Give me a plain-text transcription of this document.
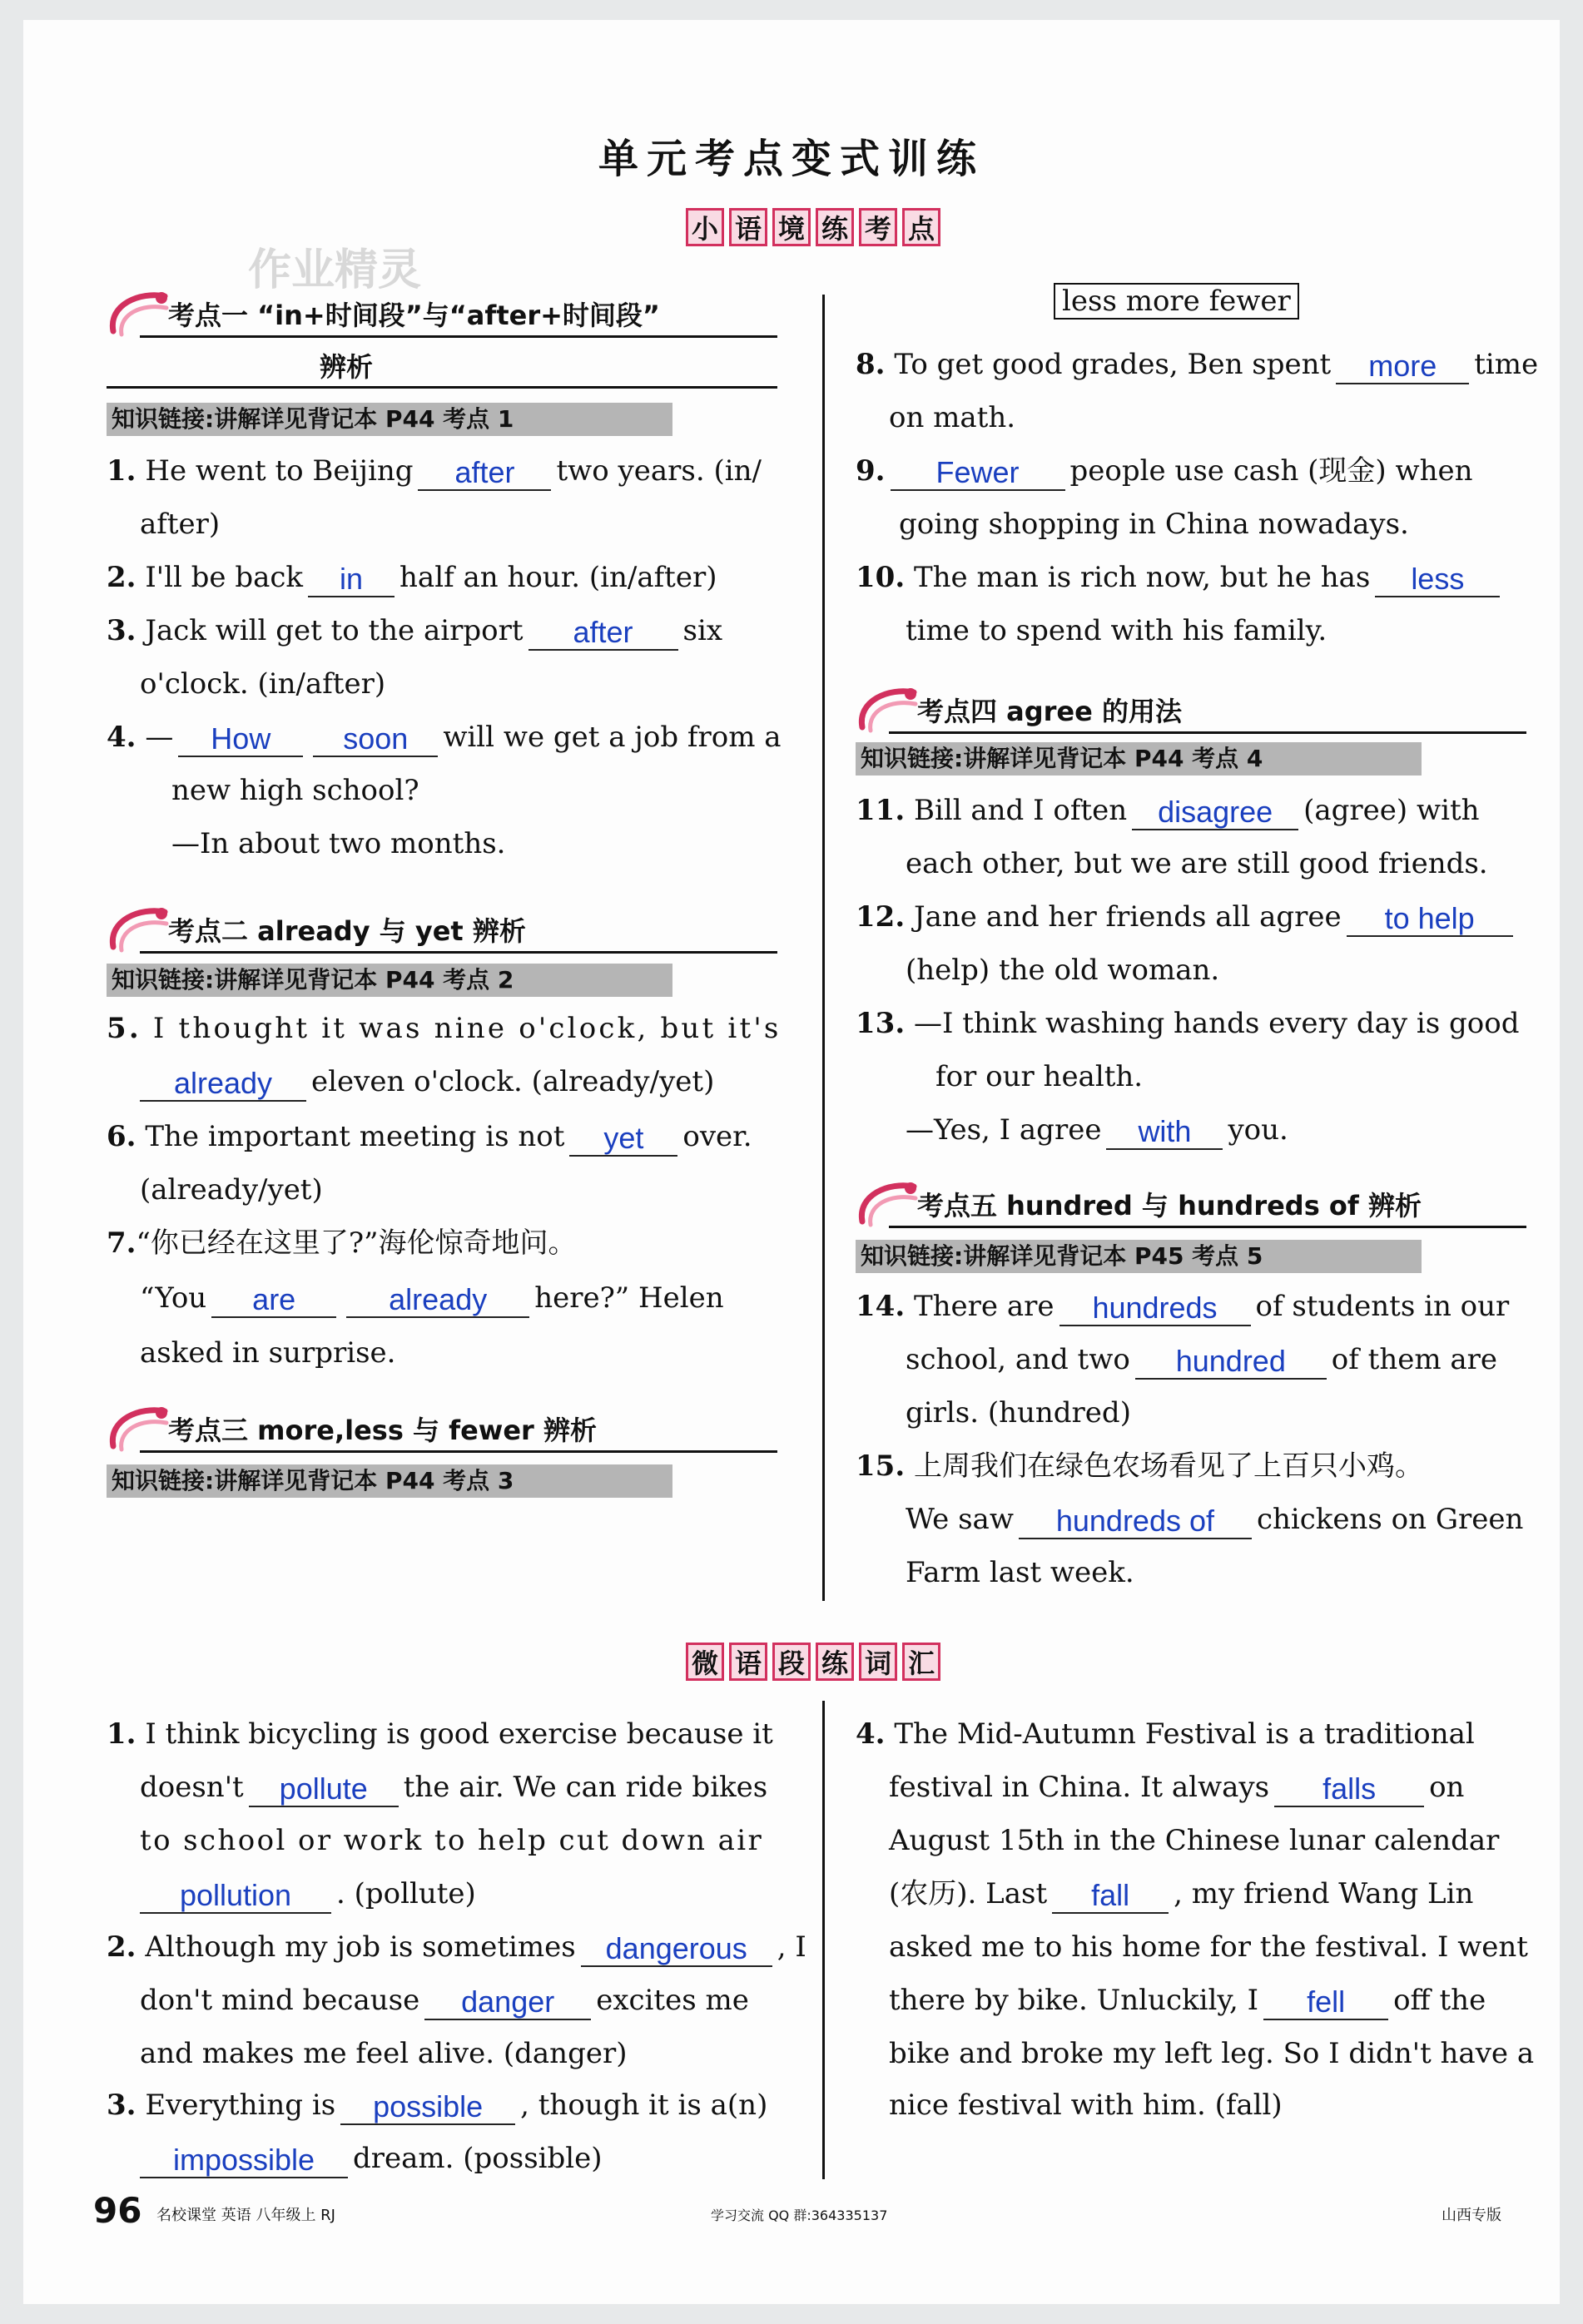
单元考点变式训练
小 语 境 练 考 点
作业精灵
考点一 “in+时间段”与“after+时间段”
辨析
知识链接:讲解详见背记本 P44 考点 1
1. He went to Beijing after two years. (in/
after)
2. I'll be back in half an hour. (in/after)
3. Jack will get to the airport after six
o'clock. (in/after)
4. — How soon will we get a job from a
new high school?
—In about two months.
考点二 already 与 yet 辨析
知识链接:讲解详见背记本 P44 考点 2
5. I thought it was nine o'clock, but it's
already eleven o'clock. (already/yet)
6. The important meeting is not yet over.
(already/yet)
7.“你已经在这里了?”海伦惊奇地问。
“You are	already here?” Helen
asked in surprise.
考点三 more,less 与 fewer 辨析
知识链接:讲解详见背记本 P44 考点 3
less more fewer
8. To get good grades, Ben spent more time
on math.
9. Fewer people use cash (现金) when
going shopping in China nowadays.
10. The man is rich now, but he has less
time to spend with his family.
考点四 agree 的用法
知识链接:讲解详见背记本 P44 考点 4
11. Bill and I often disagree (agree) with
each other, but we are still good friends.
12. Jane and her friends all agree to help
(help) the old woman.
13. —I think washing hands every day is good
for our health.
—Yes, I agree with you.
考点五 hundred 与 hundreds of 辨析
知识链接:讲解详见背记本 P45 考点 5
14. There are hundreds of students in our
school, and two hundred of them are
girls. (hundred)
15. 上周我们在绿色农场看见了上百只小鸡。
We saw hundreds of chickens on Green
Farm last week.
微 语 段 练 词 汇
1. I think bicycling is good exercise because it
doesn't pollute the air. We can ride bikes
to school or work to help cut down air
pollution . (pollute)
2. Although my job is sometimes dangerous , I
don't mind because danger excites me
and makes me feel alive. (danger)
3. Everything is possible , though it is a(n)
impossible dream. (possible)
4. The Mid-Autumn Festival is a traditional
festival in China. It always falls on
August 15th in the Chinese lunar calendar
(农历). Last fall , my friend Wang Lin
asked me to his home for the festival. I went
there by bike. Unluckily, I fell off the
bike and broke my left leg. So I didn't have a
nice festival with him. (fall)
96 名校课堂 英语 八年级上 RJ	学习交流 QQ 群:364335137	山西专版
